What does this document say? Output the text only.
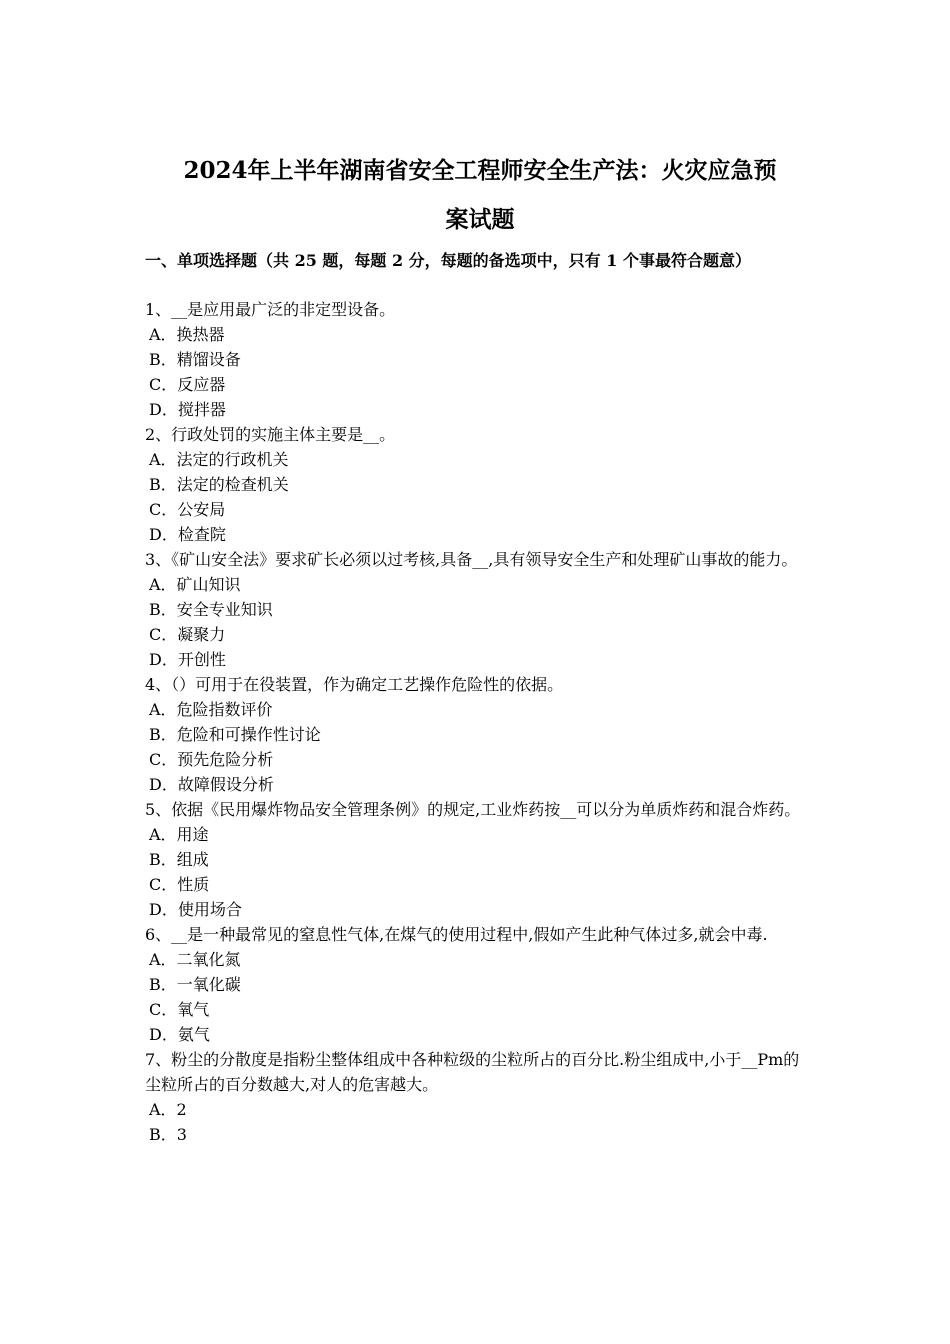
2024年上半年湖南省安全工程师安全生产法：火灾应急预
案试题

一、单项选择题（共 25 题，每题 2 分，每题的备选项中，只有 1 个事最符合题意）

1、__是应用最广泛的非定型设备。
A．换热器
B．精馏设备
C．反应器
D．搅拌器
2、行政处罚的实施主体主要是__。
A．法定的行政机关
B．法定的检查机关
C．公安局
D．检查院
3、《矿山安全法》要求矿长必须以过考核,具备__,具有领导安全生产和处理矿山事故的能力。
A．矿山知识
B．安全专业知识
C．凝聚力
D．开创性
4、（）可用于在役装置，作为确定工艺操作危险性的依据。
A．危险指数评价
B．危险和可操作性讨论
C．预先危险分析
D．故障假设分析
5、依据《民用爆炸物品安全管理条例》的规定,工业炸药按__可以分为单质炸药和混合炸药。
A．用途
B．组成
C．性质
D．使用场合
6、__是一种最常见的窒息性气体,在煤气的使用过程中,假如产生此种气体过多,就会中毒.
A．二氧化氮
B．一氧化碳
C．氧气
D．氨气
7、粉尘的分散度是指粉尘整体组成中各种粒级的尘粒所占的百分比.粉尘组成中,小于__Pm的尘粒所占的百分数越大,对人的危害越大。
A．2
B．3
